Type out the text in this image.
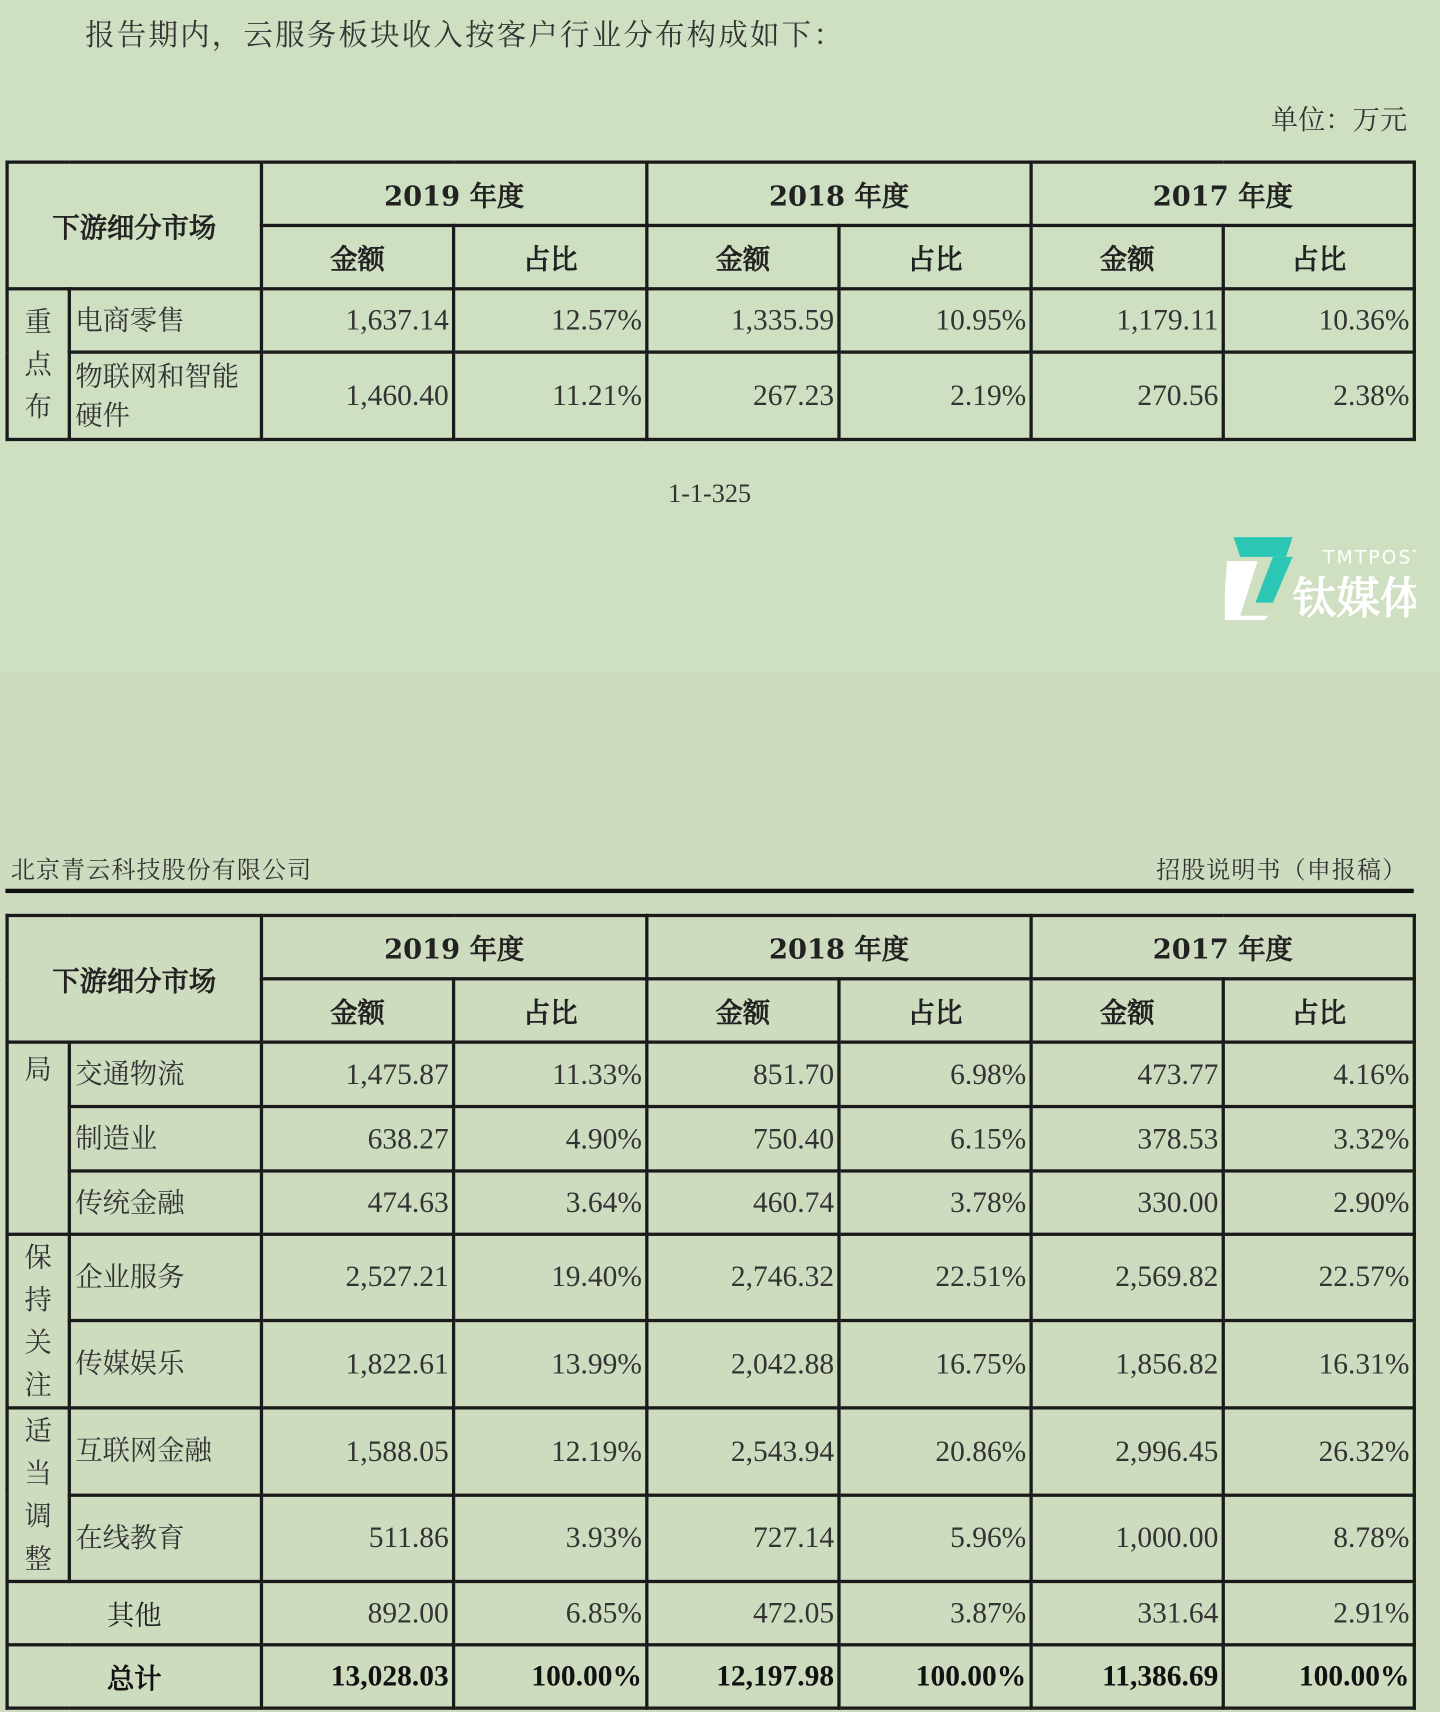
报告期内，云服务板块收入按客户行业分布构成如下：
单位：万元
下游细分市场		2019 年度		2018 年度		2017 年度	
		金额	占比	金额	占比	金额	占比

重点布	电商零售	1,637.14	12.57%	1,335.59	10.95%	1,179.11	10.36%
	物联网和智能硬件	1,460.40	11.21%	267.23	2.19%	270.56	2.38%
1-1-325
北京青云科技股份有限公司	招股说明书（申报稿）
下游细分市场		2019 年度		2018 年度		2017 年度	
		金额	占比	金额	占比	金额	占比

局	交通物流	1,475.87	11.33%	851.70	6.98%	473.77	4.16%
	制造业	638.27	4.90%	750.40	6.15%	378.53	3.32%
	传统金融	474.63	3.64%	460.74	3.78%	330.00	2.90%

保持关注	企业服务	2,527.21	19.40%	2,746.32	22.51%	2,569.82	22.57%
	传媒娱乐	1,822.61	13.99%	2,042.88	16.75%	1,856.82	16.31%

适当调整	互联网金融	1,588.05	12.19%	2,543.94	20.86%	2,996.45	26.32%
	在线教育	511.86	3.93%	727.14	5.96%	1,000.00	8.78%
其他		892.00	6.85%	472.05	3.87%	331.64	2.91%
总计		13,028.03	100.00%	12,197.98	100.00%	11,386.69	100.00%
TMTPOST
钛媒体
